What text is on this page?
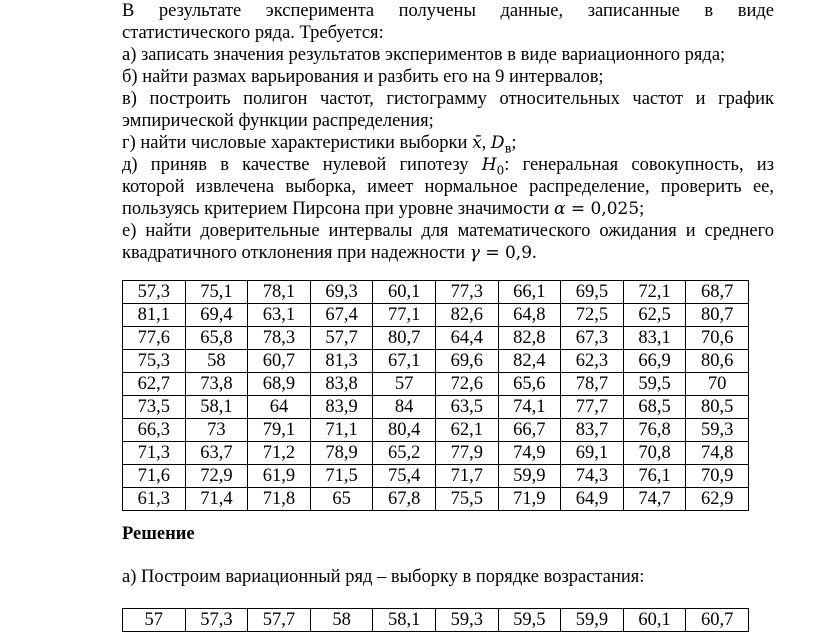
В результате эксперимента получены данные, записанные в виде

статистического ряда. Требуется:

а) записать значения результатов экспериментов в виде вариационного ряда;

б) найти размах варьирования и разбить его на 9 интервалов;

в) построить полигон частот, гистограмму относительных частот и график

эмпирической функции распределения;

г) найти числовые характеристики выборки x̄, $D_в$;

д) приняв в качестве нулевой гипотезу $H_0$: генеральная совокупность, из

которой извлечена выборка, имеет нормальное распределение, проверить ее,

пользуясь критерием Пирсона при уровне значимости α = 0,025;

е) найти доверительные интервалы для математического ожидания и среднего

квадратичного отклонения при надежности γ = 0,9.

57,3	75,1	78,1	69,3	60,1	77,3	66,1	69,5	72,1	68,7
81,1	69,4	63,1	67,4	77,1	82,6	64,8	72,5	62,5	80,7
77,6	65,8	78,3	57,7	80,7	64,4	82,8	67,3	83,1	70,6
75,3	58	60,7	81,3	67,1	69,6	82,4	62,3	66,9	80,6
62,7	73,8	68,9	83,8	57	72,6	65,6	78,7	59,5	70
73,5	58,1	64	83,9	84	63,5	74,1	77,7	68,5	80,5
66,3	73	79,1	71,1	80,4	62,1	66,7	83,7	76,8	59,3
71,3	63,7	71,2	78,9	65,2	77,9	74,9	69,1	70,8	74,8
71,6	72,9	61,9	71,5	75,4	71,7	59,9	74,3	76,1	70,9
61,3	71,4	71,8	65	67,8	75,5	71,9	64,9	74,7	62,9

Решение

а) Построим вариационный ряд – выборку в порядке возрастания:

57	57,3	57,7	58	58,1	59,3	59,5	59,9	60,1	60,7
